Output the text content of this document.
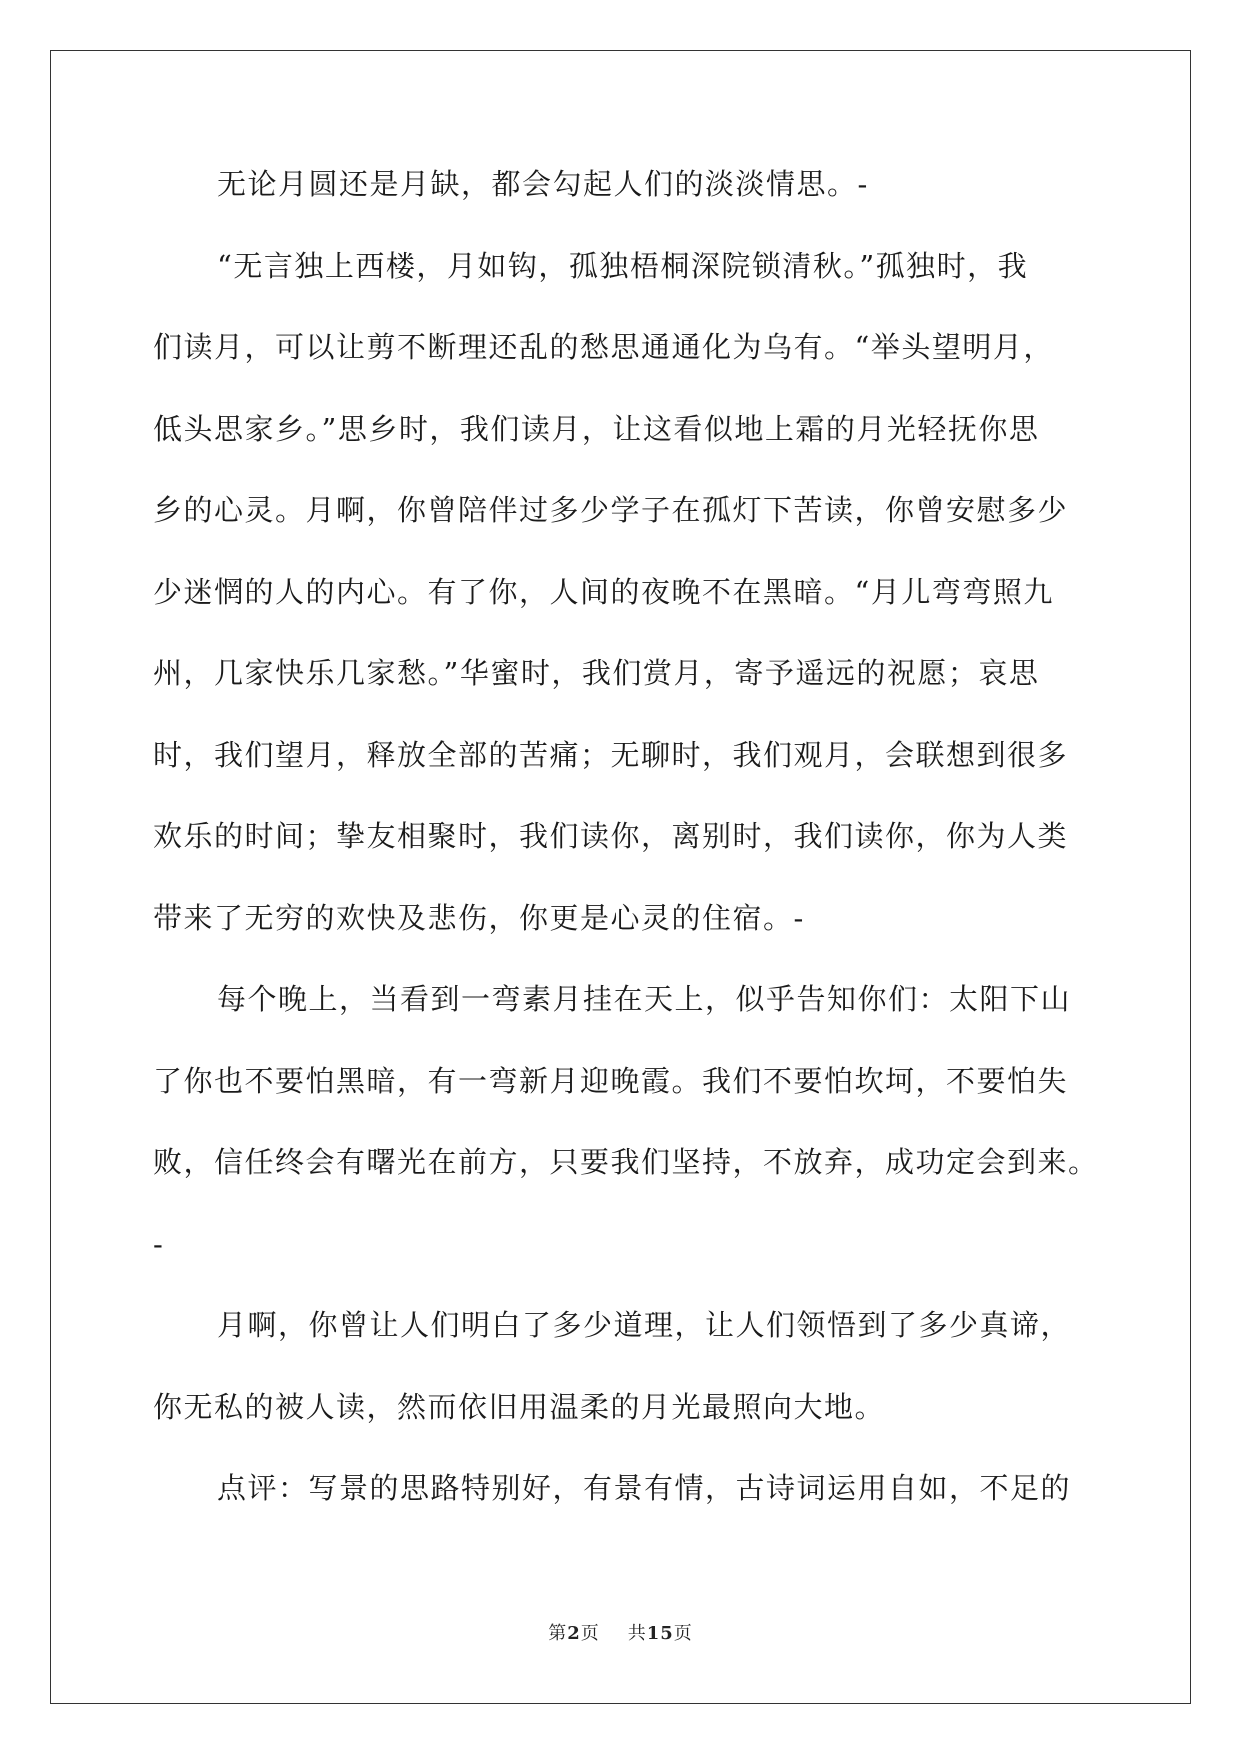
无论月圆还是月缺，都会勾起人们的淡淡情思。-
“无言独上西楼，月如钩，孤独梧桐深院锁清秋。”孤独时，我
们读月，可以让剪不断理还乱的愁思通通化为乌有。“举头望明月，
低头思家乡。”思乡时，我们读月，让这看似地上霜的月光轻抚你思
乡的心灵。月啊，你曾陪伴过多少学子在孤灯下苦读，你曾安慰多少
少迷惘的人的内心。有了你，人间的夜晚不在黑暗。“月儿弯弯照九
州，几家快乐几家愁。”华蜜时，我们赏月，寄予遥远的祝愿；哀思
时，我们望月，释放全部的苦痛；无聊时，我们观月，会联想到很多
欢乐的时间；挚友相聚时，我们读你，离别时，我们读你，你为人类
带来了无穷的欢快及悲伤，你更是心灵的住宿。-
每个晚上，当看到一弯素月挂在天上，似乎告知你们：太阳下山
了你也不要怕黑暗，有一弯新月迎晚霞。我们不要怕坎坷，不要怕失
败，信任终会有曙光在前方，只要我们坚持，不放弃，成功定会到来。
-
月啊，你曾让人们明白了多少道理，让人们领悟到了多少真谛，
你无私的被人读，然而依旧用温柔的月光最照向大地。
点评：写景的思路特别好，有景有情，古诗词运用自如，不足的
第2页 共15页
